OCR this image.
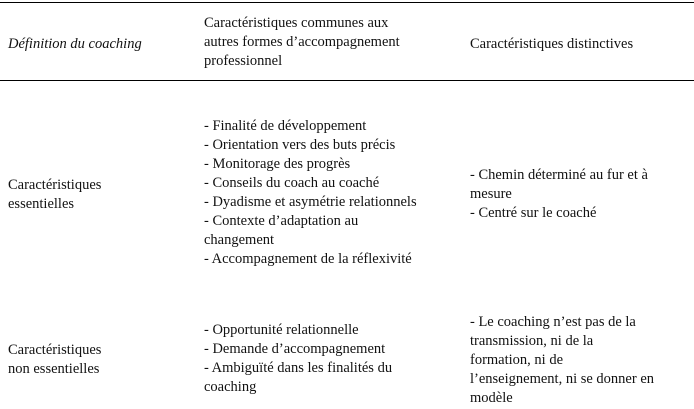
Définition du coaching
Caractéristiques communes aux
autres formes d’accompagnement
professionnel
Caractéristiques distinctives
Caractéristiques
essentielles
- Finalité de développement
- Orientation vers des buts précis
- Monitorage des progrès
- Conseils du coach au coaché
- Dyadisme et asymétrie relationnels
- Contexte d’adaptation au
changement
- Accompagnement de la réflexivité
- Chemin déterminé au fur et à
mesure
- Centré sur le coaché
Caractéristiques
non essentielles
- Opportunité relationnelle
- Demande d’accompagnement
- Ambiguïté dans les finalités du
coaching
- Le coaching n’est pas de la
transmission, ni de la
formation, ni de
l’enseignement, ni se donner en
modèle
